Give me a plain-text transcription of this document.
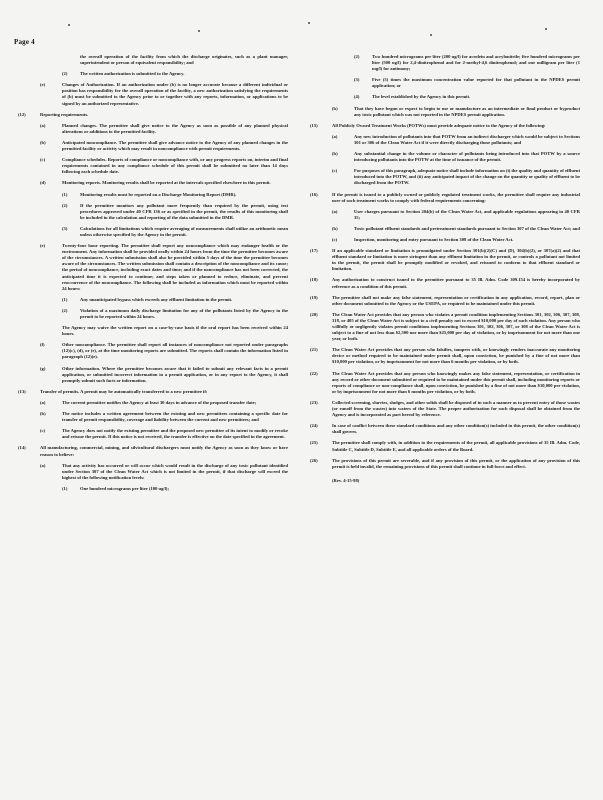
Page 4
the overall operation of the facility from which the discharge originates, such as a plant manager, superintendent or person of equivalent responsibility; and
(2)	The written authorization is submitted to the Agency.
(e)	Changes of Authorization. If an authorization under (b) is no longer accurate because a different individual or position has responsibility for the overall operation of the facility, a new authorization satisfying the requirements of (b) must be submitted to the Agency prior to or together with any reports, information, or applications to be signed by an authorized representative.
(12)	Reporting requirements.
(a)	Planned changes. The permittee shall give notice to the Agency as soon as possible of any planned physical alterations or additions to the permitted facility.
(b)	Anticipated noncompliance. The permittee shall give advance notice to the Agency of any planned changes in the permitted facility or activity which may result in noncompliance with permit requirements.
(c)	Compliance schedules. Reports of compliance or noncompliance with, or any progress reports on, interim and final requirements contained in any compliance schedule of this permit shall be submitted no later than 14 days following each schedule date.
(d)	Monitoring reports. Monitoring results shall be reported at the intervals specified elsewhere in this permit.
(1)	Monitoring results must be reported on a Discharge Monitoring Report (DMR).
(2)	If the permittee monitors any pollutant more frequently than required by the permit, using test procedures approved under 40 CFR 136 or as specified in the permit, the results of this monitoring shall be included in the calculation and reporting of the data submitted in the DMR.
(3)	Calculations for all limitations which require averaging of measurements shall utilize an arithmetic mean unless otherwise specified by the Agency in the permit.
(e)	Twenty-four hour reporting. The permittee shall report any noncompliance which may endanger health or the environment. Any information shall be provided orally within 24 hours from the time the permittee becomes aware of the circumstances. A written submission shall also be provided within 5 days of the time the permittee becomes aware of the circumstances. The written submission shall contain a description of the noncompliance and its cause; the period of noncompliance, including exact dates and time; and if the noncompliance has not been corrected, the anticipated time it is expected to continue; and steps taken or planned to reduce, eliminate, and prevent reoccurrence of the noncompliance. The following shall be included as information which must be reported within 24 hours:
(1)	Any unanticipated bypass which exceeds any effluent limitation in the permit.
(2)	Violation of a maximum daily discharge limitation for any of the pollutants listed by the Agency in the permit to be reported within 24 hours.
The Agency may waive the written report on a case-by-case basis if the oral report has been received within 24 hours.
(f)	Other noncompliance. The permittee shall report all instances of noncompliance not reported under paragraphs (12)(c), (d), or (e), at the time monitoring reports are submitted. The reports shall contain the information listed in paragraph (12)(e).
(g)	Other information. Where the permittee becomes aware that it failed to submit any relevant facts in a permit application, or submitted incorrect information in a permit application, or in any report to the Agency, it shall promptly submit such facts or information.
(13)	Transfer of permits. A permit may be automatically transferred to a new permittee if:
(a)	The current permittee notifies the Agency at least 30 days in advance of the proposed transfer date;
(b)	The notice includes a written agreement between the existing and new permittees containing a specific date for transfer of permit responsibility, coverage and liability between the current and new permittees; and
(c)	The Agency does not notify the existing permittee and the proposed new permittee of its intent to modify or revoke and reissue the permit. If this notice is not received, the transfer is effective on the date specified in the agreement.
(14)	All manufacturing, commercial, mining, and silvicultural dischargers must notify the Agency as soon as they know or have reason to believe:
(a)	That any activity has occurred or will occur which would result in the discharge of any toxic pollutant identified under Section 307 of the Clean Water Act which is not limited in the permit, if that discharge will exceed the highest of the following notification levels:
(1)	One hundred micrograms per liter (100 ug/l);
(2)	Two hundred micrograms per liter (200 ug/l) for acrolein and acrylonitrile; five hundred micrograms per liter (500 ug/l) for 2,4-dinitrophenol and for 2-methyl-4,6 dinitrophenol; and one milligram per liter (1 mg/l) for antimony;
(3)	Five (5) times the maximum concentration value reported for that pollutant in the NPDES permit application; or
(4)	The level established by the Agency in this permit.
(b)	That they have begun or expect to begin to use or manufacture as an intermediate or final product or byproduct any toxic pollutant which was not reported in the NPDES permit application.
(15)	All Publicly Owned Treatment Works (POTWs) must provide adequate notice to the Agency of the following:
(a)	Any new introduction of pollutants into that POTW from an indirect discharger which would be subject to Sections 301 or 306 of the Clean Water Act if it were directly discharging those pollutants; and
(b)	Any substantial change in the volume or character of pollutants being introduced into that POTW by a source introducing pollutants into the POTW at the time of issuance of the permit.
(c)	For purposes of this paragraph, adequate notice shall include information on (i) the quality and quantity of effluent introduced into the POTW, and (ii) any anticipated impact of the change on the quantity or quality of effluent to be discharged from the POTW.
(16)	If the permit is issued to a publicly owned or publicly regulated treatment works, the permittee shall require any industrial user of such treatment works to comply with federal requirements concerning:
(a)	User charges pursuant to Section 204(b) of the Clean Water Act, and applicable regulations appearing in 40 CFR 35;
(b)	Toxic pollutant effluent standards and pretreatment standards pursuant to Section 307 of the Clean Water Act; and
(c)	Inspection, monitoring and entry pursuant to Section 308 of the Clean Water Act.
(17)	If an applicable standard or limitation is promulgated under Section 301(b)(2)(C) and (D), 304(b)(2), or 307(a)(2) and that effluent standard or limitation is more stringent than any effluent limitation in the permit, or controls a pollutant not limited in the permit, the permit shall be promptly modified or revoked, and reissued to conform to that effluent standard or limitation.
(18)	Any authorization to construct issued to the permittee pursuant to 35 Ill. Adm. Code 309.154 is hereby incorporated by reference as a condition of this permit.
(19)	The permittee shall not make any false statement, representation or certification in any application, record, report, plan or other document submitted to the Agency or the USEPA, or required to be maintained under this permit.
(20)	The Clean Water Act provides that any person who violates a permit condition implementing Sections 301, 302, 306, 307, 308, 318, or 405 of the Clean Water Act is subject to a civil penalty not to exceed $10,000 per day of such violation. Any person who willfully or negligently violates permit conditions implementing Sections 301, 302, 306, 307, or 308 of the Clean Water Act is subject to a fine of not less than $2,500 nor more than $25,000 per day of violation, or by imprisonment for not more than one year, or both.
(21)	The Clean Water Act provides that any person who falsifies, tampers with, or knowingly renders inaccurate any monitoring device or method required to be maintained under permit shall, upon conviction, be punished by a fine of not more than $10,000 per violation, or by imprisonment for not more than 6 months per violation, or by both.
(22)	The Clean Water Act provides that any person who knowingly makes any false statement, representation, or certification in any record or other document submitted or required to be maintained under this permit shall, including monitoring reports or reports of compliance or non-compliance shall, upon conviction, be punished by a fine of not more than $10,000 per violation, or by imprisonment for not more than 6 months per violation, or by both.
(23)	Collected screening, slurries, sludges, and other solids shall be disposed of in such a manner as to prevent entry of those wastes (or runoff from the wastes) into waters of the State. The proper authorization for such disposal shall be obtained from the Agency and is incorporated as part hereof by reference.
(24)	In case of conflict between these standard conditions and any other condition(s) included in this permit, the other condition(s) shall govern.
(25)	The permittee shall comply with, in addition to the requirements of the permit, all applicable provisions of 35 Ill. Adm. Code, Subtitle C, Subtitle D, Subtitle E, and all applicable orders of the Board.
(26)	The provisions of this permit are severable, and if any provision of this permit, or the application of any provision of this permit is held invalid, the remaining provisions of this permit shall continue in full force and effect.
(Rev. 4-15-98)
